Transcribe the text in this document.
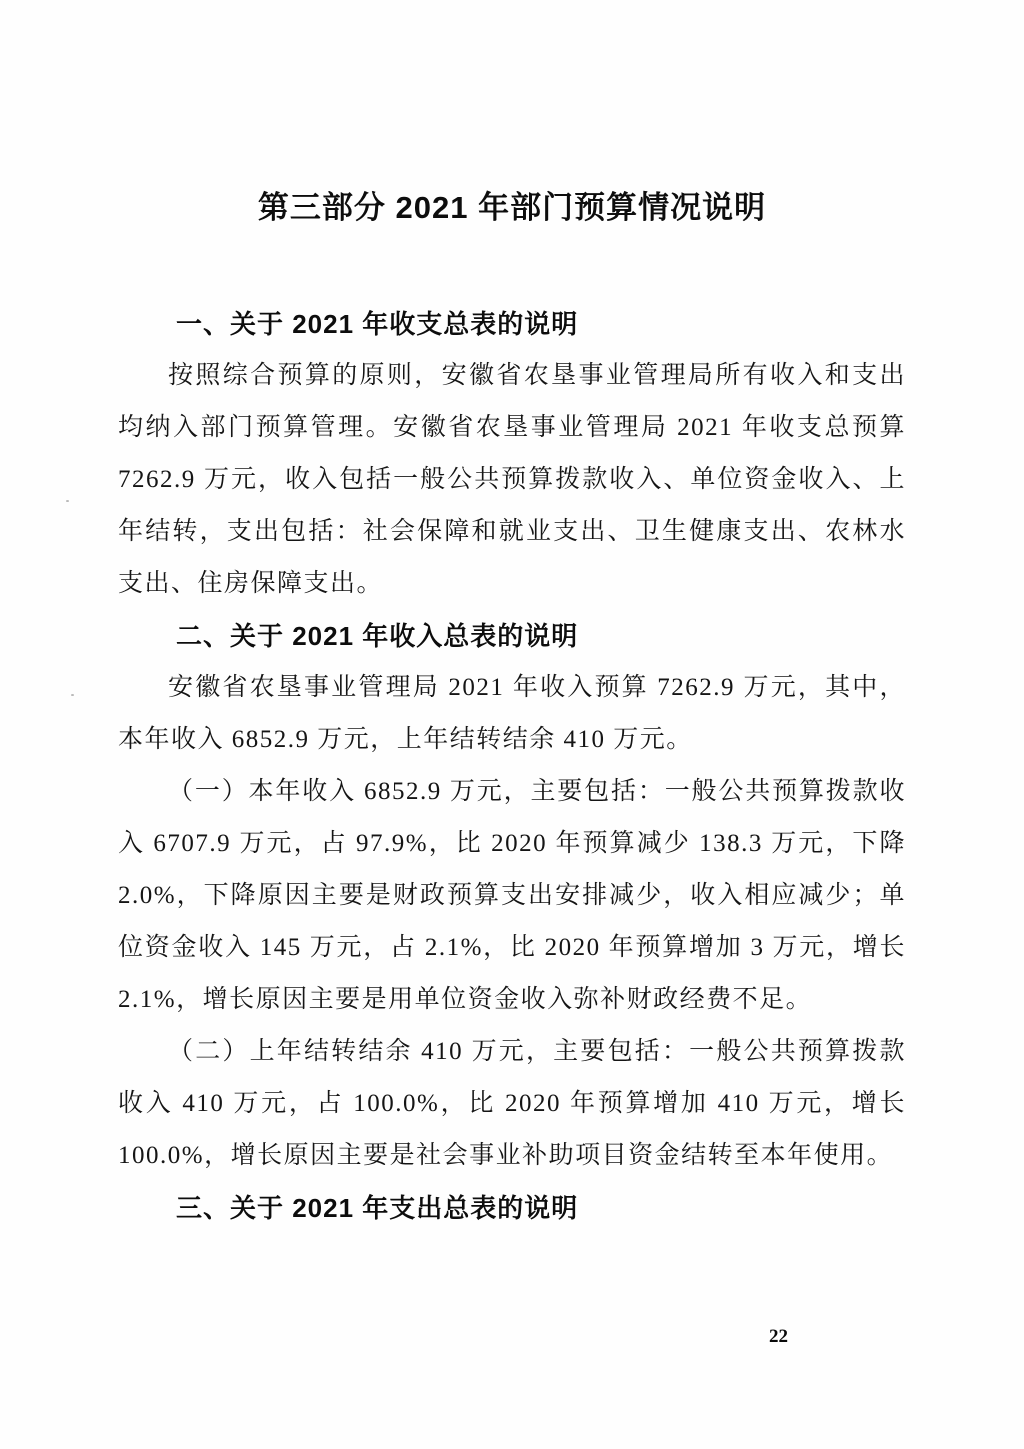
第三部分 2021 年部门预算情况说明
一、关于 2021 年收支总表的说明

按照综合预算的原则，安徽省农垦事业管理局所有收入和支出均纳入部门预算管理。安徽省农垦事业管理局 2021 年收支总预算 7262.9 万元，收入包括一般公共预算拨款收入、单位资金收入、上年结转，支出包括：社会保障和就业支出、卫生健康支出、农林水支出、住房保障支出。

二、关于 2021 年收入总表的说明

安徽省农垦事业管理局 2021 年收入预算 7262.9 万元，其中，本年收入 6852.9 万元，上年结转结余 410 万元。

（一）本年收入 6852.9 万元，主要包括：一般公共预算拨款收入 6707.9 万元，占 97.9%，比 2020 年预算减少 138.3 万元，下降 2.0%，下降原因主要是财政预算支出安排减少，收入相应减少；单位资金收入 145 万元，占 2.1%，比 2020 年预算增加 3 万元，增长 2.1%，增长原因主要是用单位资金收入弥补财政经费不足。

（二）上年结转结余 410 万元，主要包括：一般公共预算拨款收入 410 万元，占 100.0%，比 2020 年预算增加 410 万元，增长 100.0%，增长原因主要是社会事业补助项目资金结转至本年使用。

三、关于 2021 年支出总表的说明
22
